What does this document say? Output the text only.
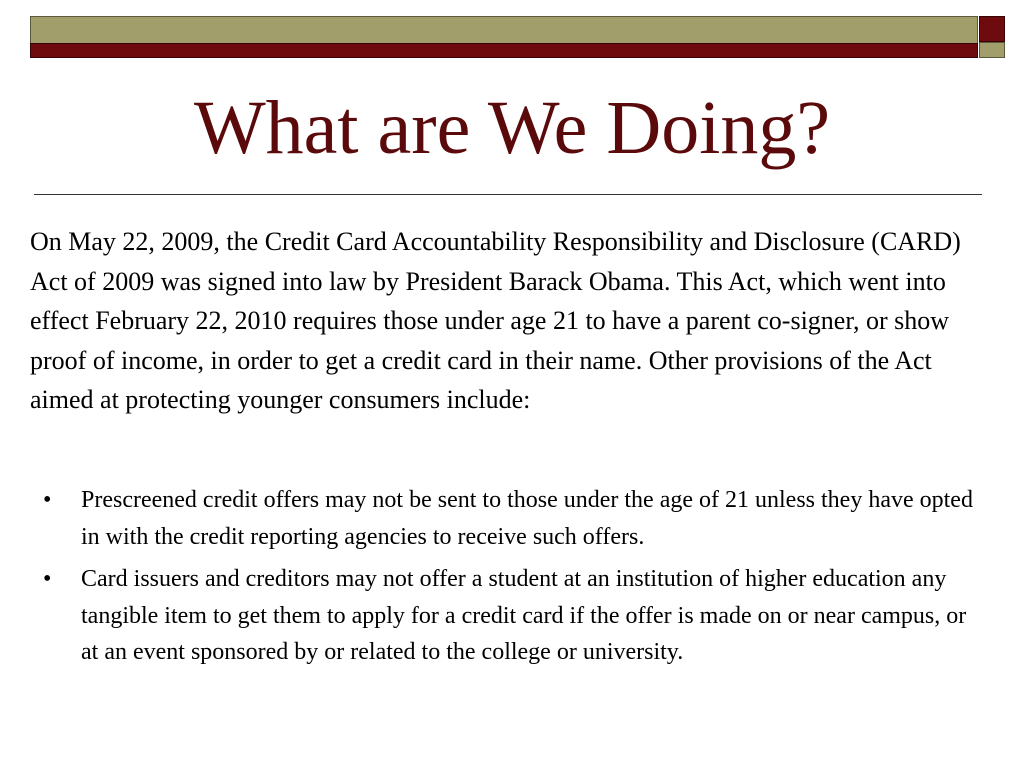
What are We Doing?

On May 22, 2009, the Credit Card Accountability Responsibility and Disclosure (CARD) Act of 2009 was signed into law by President Barack Obama. This Act, which went into effect February 22, 2010 requires those under age 21 to have a parent co-signer, or show proof of income, in order to get a credit card in their name. Other provisions of the Act aimed at protecting younger consumers include:

• Prescreened credit offers may not be sent to those under the age of 21 unless they have opted in with the credit reporting agencies to receive such offers.
• Card issuers and creditors may not offer a student at an institution of higher education any tangible item to get them to apply for a credit card if the offer is made on or near campus, or at an event sponsored by or related to the college or university.
